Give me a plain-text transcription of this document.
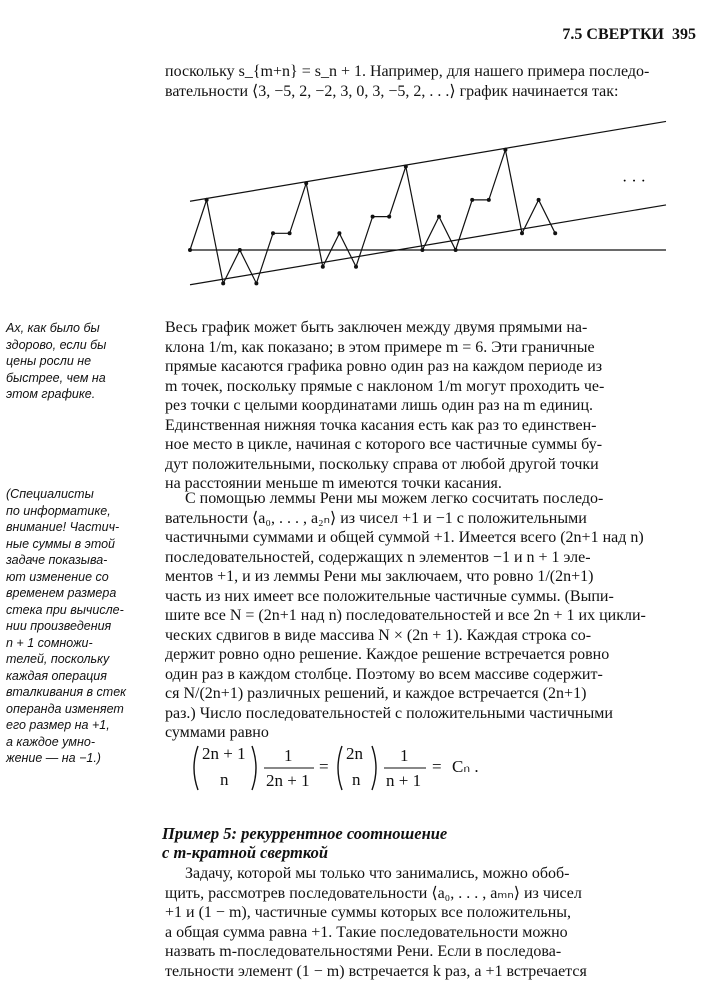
7.5 СВЕРТКИ 395

поскольку s_{m+n} = s_n + 1. Например, для нашего примера последо-
вательности ⟨3, −5, 2, −2, 3, 0, 3, −5, 2, . . .⟩ график начинается так:

· · ·

Весь график может быть заключен между двумя прямыми на-
клона 1/m, как показано; в этом примере m = 6. Эти граничные
прямые касаются графика ровно один раз на каждом периоде из
m точек, поскольку прямые с наклоном 1/m могут проходить че-
рез точки с целыми координатами лишь один раз на m единиц.
Единственная нижняя точка касания есть как раз то единствен-
ное место в цикле, начиная с которого все частичные суммы бу-
дут положительными, поскольку справа от любой другой точки
на расстоянии меньше m имеются точки касания.

С помощью леммы Рени мы можем легко сосчитать последо-
вательности ⟨a₀, . . . , a₂ₙ⟩ из чисел +1 и −1 с положительными
частичными суммами и общей суммой +1. Имеется всего (2n+1 над n)
последовательностей, содержащих n элементов −1 и n + 1 эле-
ментов +1, и из леммы Рени мы заключаем, что ровно 1/(2n+1)
часть из них имеет все положительные частичные суммы. (Выпи-
шите все N = (2n+1 над n) последовательностей и все 2n + 1 их цикли-
ческих сдвигов в виде массива N × (2n + 1). Каждая строка со-
держит ровно одно решение. Каждое решение встречается ровно
один раз в каждом столбце. Поэтому во всем массиве содержит-
ся N/(2n+1) различных решений, и каждое встречается (2n+1)
раз.) Число последовательностей с положительными частичными
суммами равно

2n + 1
n
1
2n + 1
=
2n
n
1
n + 1
= Cₙ .
Пример 5: рекуррентное соотношение
с m-кратной сверткой

Задачу, которой мы только что занимались, можно обоб-
щить, рассмотрев последовательности ⟨a₀, . . . , aₘₙ⟩ из чисел
+1 и (1 − m), частичные суммы которых все положительны,
а общая сумма равна +1. Такие последовательности можно
назвать m-последовательностями Рени. Если в последова-
тельности элемент (1 − m) встречается k раз, а +1 встречается

Ах, как было бы
здорово, если бы
цены росли не
быстрее, чем на
этом графике.

(Специалисты
по информатике,
внимание! Частич-
ные суммы в этой
задаче показыва-
ют изменение со
временем размера
стека при вычисле-
нии произведения
n + 1 сомножи-
телей, поскольку
каждая операция
вталкивания в стек
операнда изменяет
его размер на +1,
а каждое умно-
жение — на −1.)
